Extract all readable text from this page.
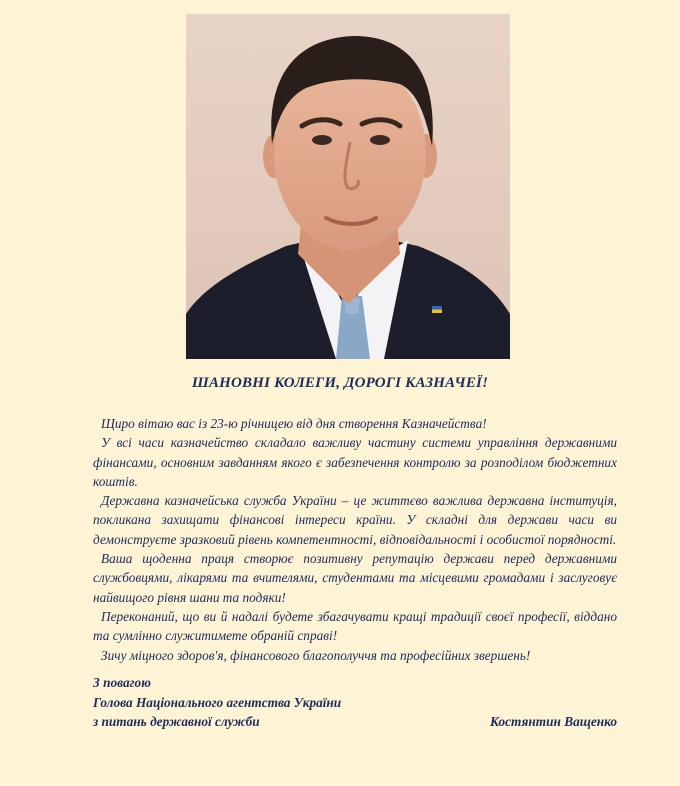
ШАНОВНІ КОЛЕГИ, ДОРОГІ КАЗНАЧЕЇ!

Щиро вітаю вас із 23-ю річницею від дня створення Казначейства!

У всі часи казначейство складало важливу частину системи управління державними фінансами, основним завданням якого є забезпечення контролю за розподілом бюджетних коштів.

Державна казначейська служба України – це життєво важлива державна інституція, покликана захищати фінансові інтереси країни. У складні для держави часи ви демонструєте зразковий рівень компетентності, відповідальності і особистої порядності.

Ваша щоденна праця створює позитивну репутацію держави перед державними службовцями, лікарями та вчителями, студентами та місцевими громадами і заслуговує найвищого рівня шани та подяки!

Переконаний, що ви й надалі будете збагачувати кращі традиції своєї професії, віддано та сумлінно служитимете обраній справі!

Зичу міцного здоров'я, фінансового благополуччя та професійних звершень!

З повагою
Голова Національного агентства України
з питань державної служби	Костянтин Ващенко
